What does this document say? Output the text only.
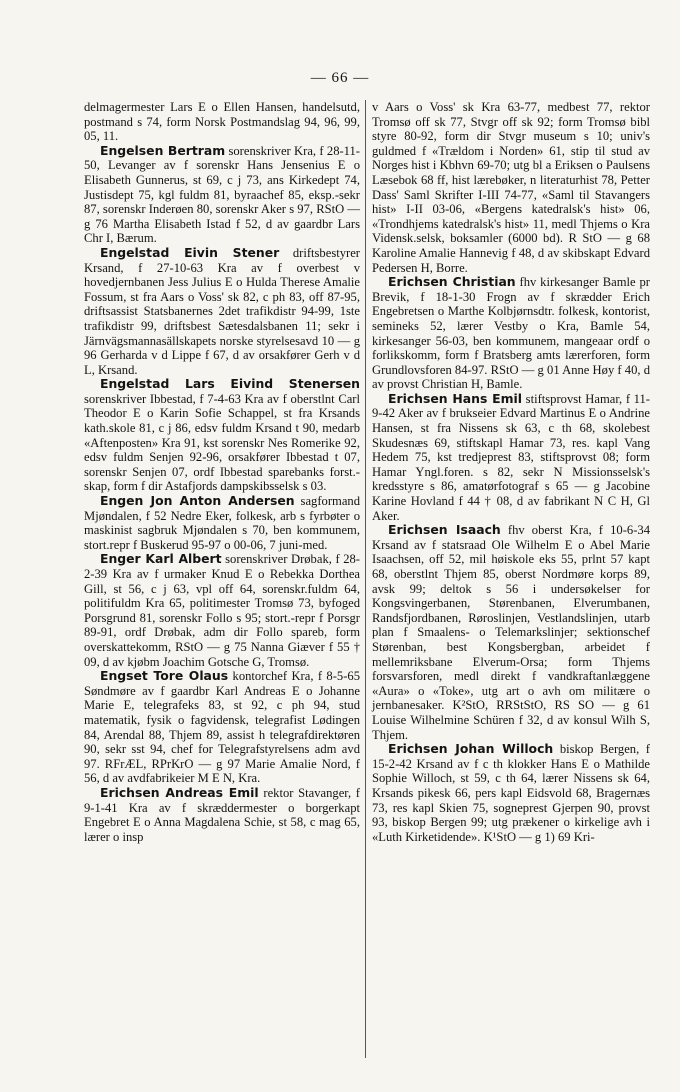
— 66 —

delmagermester Lars E o Ellen Hansen, handelsutd, postmand s 74, form Norsk Postmandslag 94, 96, 99, 05, 11.

Engelsen Bertram sorenskriver Kra, f 28-11-50, Levanger av f sorenskr Hans Jensenius E o Elisabeth Gunnerus, st 69, c j 73, ans Kirkedept 74, Justisdept 75, kgl fuldm 81, byraachef 85, eksp.-sekr 87, sorenskr Inderøen 80, sorenskr Aker s 97, RStO — g 76 Martha Elisabeth Istad f 52, d av gaardbr Lars Chr I, Bærum.

Engelstad Eivin Stener driftsbestyrer Krsand, f 27-10-63 Kra av f overbest v hovedjernbanen Jess Julius E o Hulda Therese Amalie Fossum, st fra Aars o Voss' sk 82, c ph 83, off 87-95, driftsassist Statsbanernes 2det trafikdistr 94-99, 1ste trafikdistr 99, driftsbest Sætesdalsbanen 11; sekr i Järnvägsmannasällskapets norske styrelsesavd 10 — g 96 Gerharda v d Lippe f 67, d av orsakfører Gerh v d L, Krsand.

Engelstad Lars Eivind Stenersen sorenskriver Ibbestad, f 7-4-63 Kra av f oberstlnt Carl Theodor E o Karin Sofie Schappel, st fra Krsands kath.skole 81, c j 86, edsv fuldm Krsand t 90, medarb «Aftenposten» Kra 91, kst sorenskr Nes Romerike 92, edsv fuldm Senjen 92-96, orsakfører Ibbestad t 07, sorenskr Senjen 07, ordf Ibbestad sparebanks forst.-skap, form f dir Astafjords dampskibsselsk s 03.

Engen Jon Anton Andersen sagformand Mjøndalen, f 52 Nedre Eker, folkesk, arb s fyrbøter o maskinist sagbruk Mjøndalen s 70, ben kommunem, stort.repr f Buskerud 95-97 o 00-06, 7 juni-med.

Enger Karl Albert sorenskriver Drøbak, f 28-2-39 Kra av f urmaker Knud E o Rebekka Dorthea Gill, st 56, c j 63, vpl off 64, sorenskr.fuldm 64, politifuldm Kra 65, politimester Tromsø 73, byfoged Porsgrund 81, sorenskr Follo s 95; stort.-repr f Porsgr 89-91, ordf Drøbak, adm dir Follo spareb, form overskattekomm, RStO — g 75 Nanna Giæver f 55 † 09, d av kjøbm Joachim Gotsche G, Tromsø.

Engset Tore Olaus kontorchef Kra, f 8-5-65 Søndmøre av f gaardbr Karl Andreas E o Johanne Marie E, telegrafeks 83, st 92, c ph 94, stud matematik, fysik o fagvidensk, telegrafist Lødingen 84, Arendal 88, Thjem 89, assist h telegrafdirektøren 90, sekr sst 94, chef for Telegrafstyrelsens adm avd 97. RFrÆL, RPrKrO — g 97 Marie Amalie Nord, f 56, d av avdfabrikeier M E N, Kra.

Erichsen Andreas Emil rektor Stavanger, f 9-1-41 Kra av f skræddermester o borgerkapt Engebret E o Anna Magdalena Schie, st 58, c mag 65, lærer o insp

v Aars o Voss' sk Kra 63-77, medbest 77, rektor Tromsø off sk 77, Stvgr off sk 92; form Tromsø bibl styre 80-92, form dir Stvgr museum s 10; univ's guldmed f «Trældom i Norden» 61, stip til stud av Norges hist i Kbhvn 69-70; utg bl a Eriksen o Paulsens Læsebok 68 ff, hist lærebøker, n literaturhist 78, Petter Dass' Saml Skrifter I-III 74-77, «Saml til Stavangers hist» I-II 03-06, «Bergens katedralsk's hist» 06, «Trondhjems katedralsk's hist» 11, medl Thjems o Kra Vidensk.selsk, boksamler (6000 bd). R StO — g 68 Karoline Amalie Hannevig f 48, d av skibskapt Edvard Pedersen H, Borre.

Erichsen Christian fhv kirkesanger Bamle pr Brevik, f 18-1-30 Frogn av f skrædder Erich Engebretsen o Marthe Kolbjørnsdtr. folkesk, kontorist, semineks 52, lærer Vestby o Kra, Bamle 54, kirkesanger 56-03, ben kommunem, mangeaar ordf o forlikskomm, form f Bratsberg amts lærerforen, form Grundlovsforen 84-97. RStO — g 01 Anne Høy f 40, d av provst Christian H, Bamle.

Erichsen Hans Emil stiftsprovst Hamar, f 11-9-42 Aker av f brukseier Edvard Martinus E o Andrine Hansen, st fra Nissens sk 63, c th 68, skolebest Skudesnæs 69, stiftskapl Hamar 73, res. kapl Vang Hedem 75, kst tredjeprest 83, stiftsprovst 08; form Hamar Yngl.foren. s 82, sekr N Missionsselsk's kredsstyre s 86, amatørfotograf s 65 — g Jacobine Karine Hovland f 44 † 08, d av fabrikant N C H, Gl Aker.

Erichsen Isaach fhv oberst Kra, f 10-6-34 Krsand av f statsraad Ole Wilhelm E o Abel Marie Isaachsen, off 52, mil høiskole eks 55, prlnt 57 kapt 68, oberstlnt Thjem 85, oberst Nordmøre korps 89, avsk 99; deltok s 56 i undersøkelser for Kongsvingerbanen, Størenbanen, Elverumbanen, Randsfjordbanen, Røroslinjen, Vestlandslinjen, utarb plan f Smaalens- o Telemarkslinjer; sektionschef Størenban, best Kongsbergban, arbeidet f mellemriksbane Elverum-Orsa; form Thjems forsvarsforen, medl direkt f vandkraftanlæggene «Aura» o «Toke», utg art o avh om militære o jernbanesaker. K²StO, RRStStO, RS SO — g 61 Louise Wilhelmine Schüren f 32, d av konsul Wilh S, Thjem.

Erichsen Johan Willoch biskop Bergen, f 15-2-42 Krsand av f c th klokker Hans E o Mathilde Sophie Willoch, st 59, c th 64, lærer Nissens sk 64, Krsands pikesk 66, pers kapl Eidsvold 68, Bragernæs 73, res kapl Skien 75, sogneprest Gjerpen 90, provst 93, biskop Bergen 99; utg prækener o kirkelige avh i «Luth Kirketidende». K¹StO — g 1) 69 Kri-
